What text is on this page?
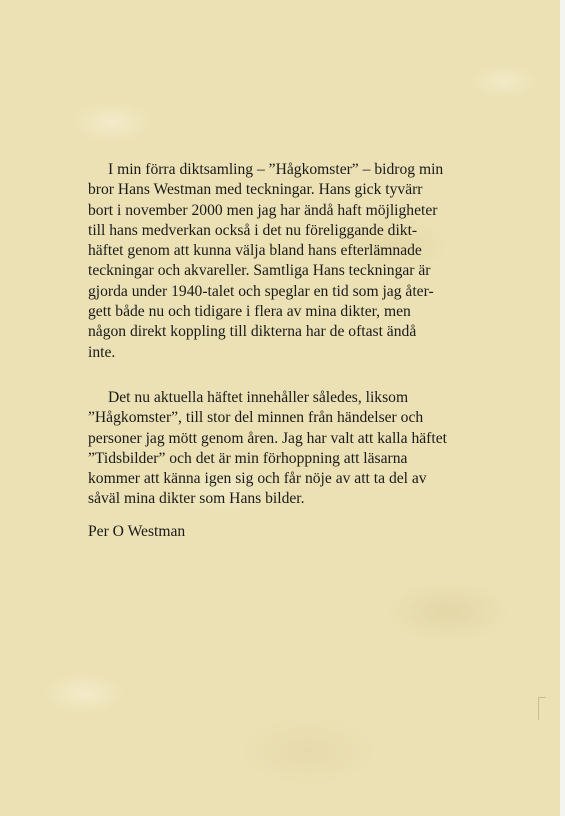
I min förra diktsamling – ”Hågkomster” – bidrog min
bror Hans Westman med teckningar. Hans gick tyvärr
bort i november 2000 men jag har ändå haft möjligheter
till hans medverkan också i det nu föreliggande dikt-
häftet genom att kunna välja bland hans efterlämnade
teckningar och akvareller. Samtliga Hans teckningar är
gjorda under 1940-talet och speglar en tid som jag åter-
gett både nu och tidigare i flera av mina dikter, men
någon direkt koppling till dikterna har de oftast ändå
inte.
Det nu aktuella häftet innehåller således, liksom
”Hågkomster”, till stor del minnen från händelser och
personer jag mött genom åren. Jag har valt att kalla häftet
”Tidsbilder” och det är min förhoppning att läsarna
kommer att känna igen sig och får nöje av att ta del av
såväl mina dikter som Hans bilder.
Per O Westman
